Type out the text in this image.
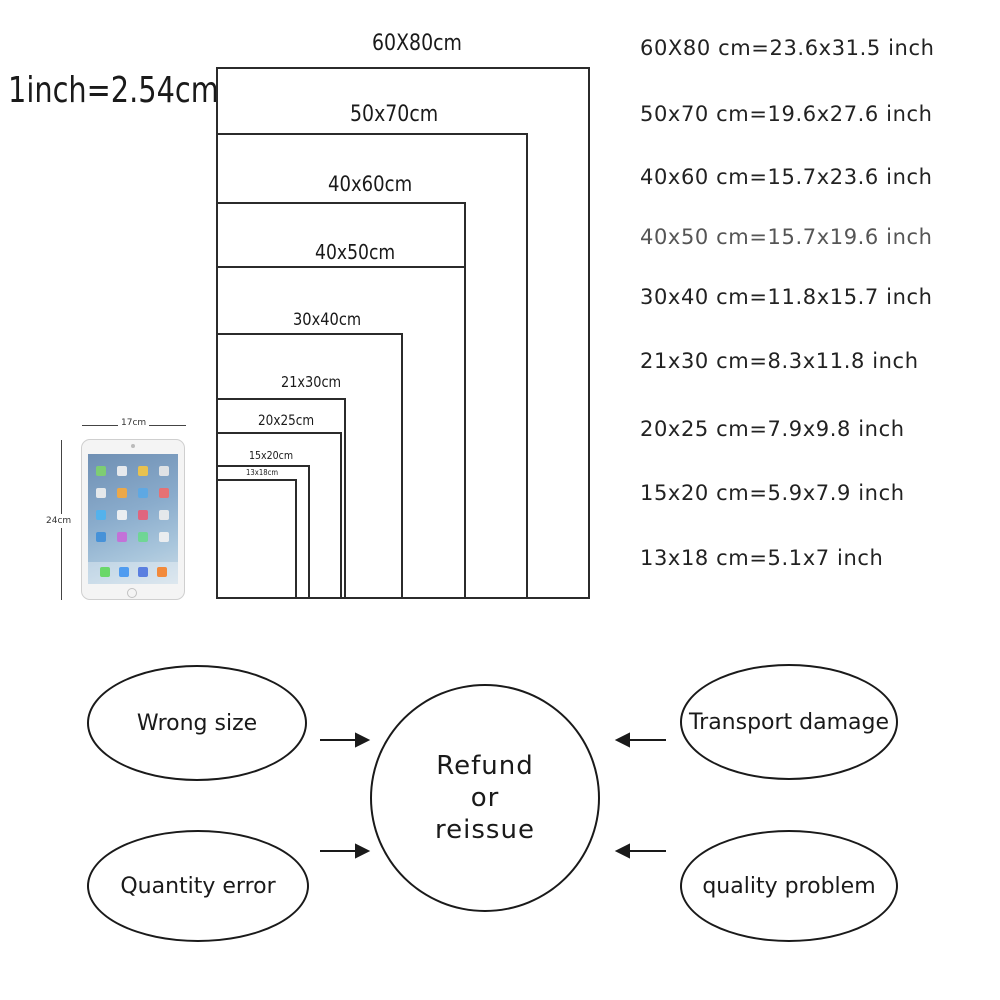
1inch=2.54cm
60X80cm
50x70cm
40x60cm
40x50cm
30x40cm
21x30cm
20x25cm
15x20cm
13x18cm
17cm
24cm
60X80 cm=23.6x31.5 inch
50x70 cm=19.6x27.6 inch
40x60 cm=15.7x23.6 inch
40x50 cm=15.7x19.6 inch
30x40 cm=11.8x15.7 inch
21x30 cm=8.3x11.8 inch
20x25 cm=7.9x9.8 inch
15x20 cm=5.9x7.9 inch
13x18 cm=5.1x7 inch
Wrong size	Transport damage
Quantity error	quality problem
Refund
or
reissue
